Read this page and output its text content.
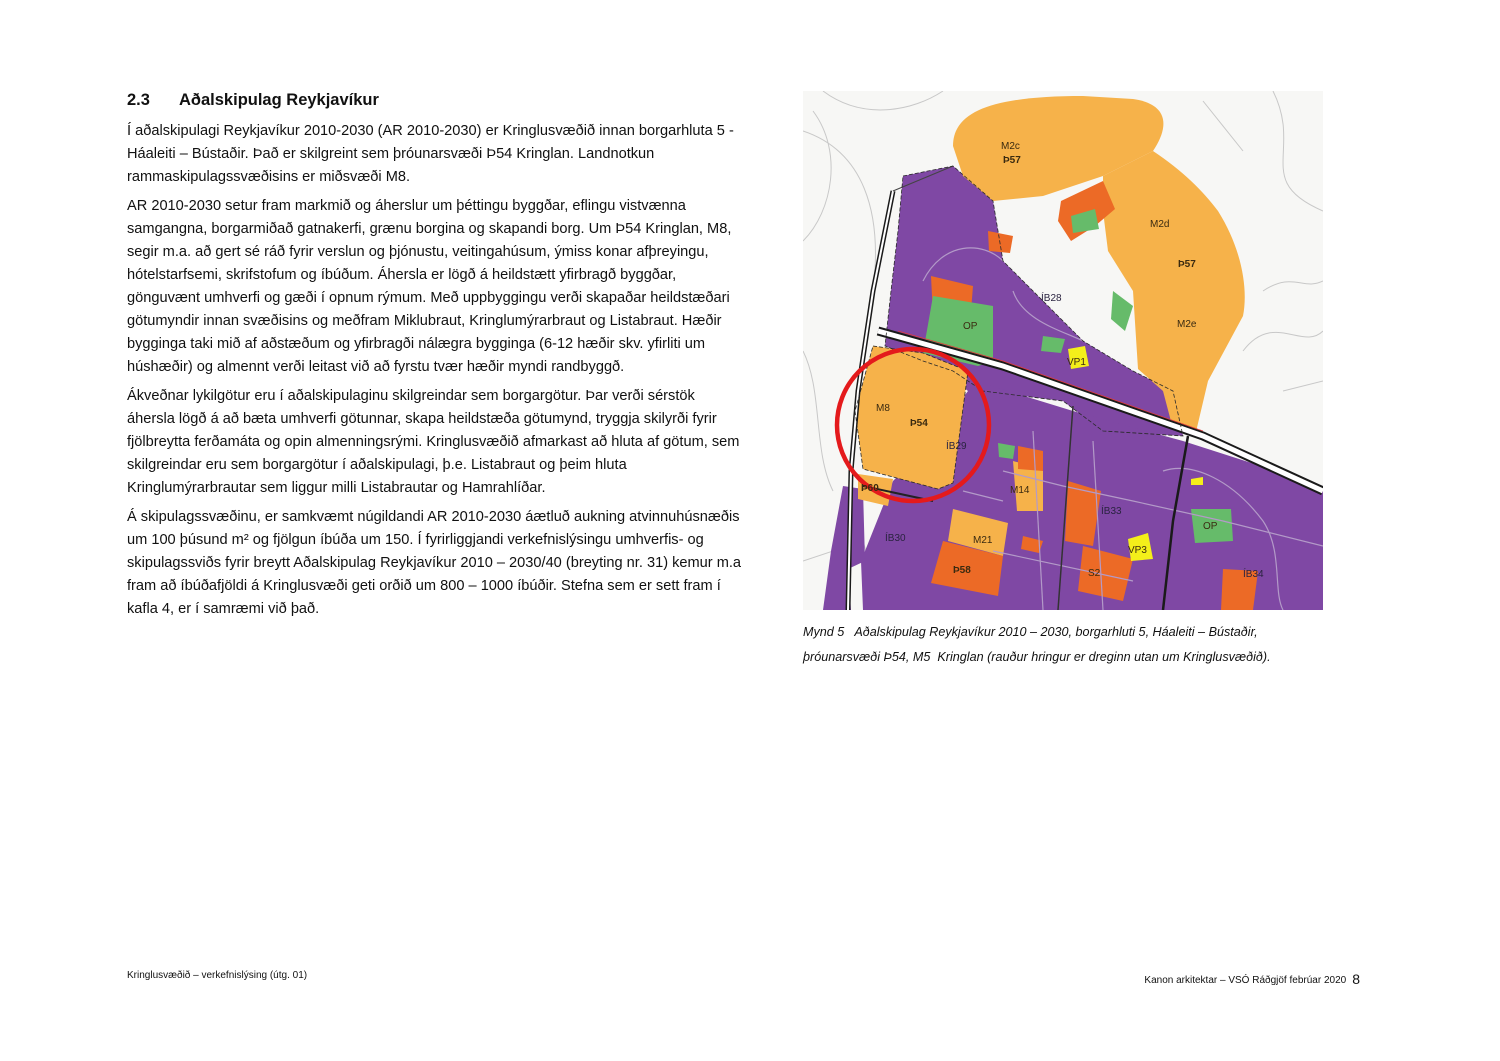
2.3 Aðalskipulag Reykjavíkur

Í aðalskipulagi Reykjavíkur 2010-2030 (AR 2010-2030) er Kringlusvæðið innan borgarhluta 5 - Háaleiti – Bústaðir. Það er skilgreint sem þróunarsvæði Þ54 Kringlan. Landnotkun rammaskipulagssvæðisins er miðsvæði M8.

AR 2010-2030 setur fram markmið og áherslur um þéttingu byggðar, eflingu vistvænna samgangna, borgarmiðað gatnakerfi, grænu borgina og skapandi borg. Um Þ54 Kringlan, M8, segir m.a. að gert sé ráð fyrir verslun og þjónustu, veitingahúsum, ýmiss konar afþreyingu, hótelstarfsemi, skrifstofum og íbúðum. Áhersla er lögð á heildstætt yfirbragð byggðar, gönguvænt umhverfi og gæði í opnum rýmum. Með uppbyggingu verði skapaðar heildstæðari götumyndir innan svæðisins og meðfram Miklubraut, Kringlumýrarbraut og Listabraut. Hæðir bygginga taki mið af aðstæðum og yfirbragði nálægra bygginga (6-12 hæðir skv. yfirliti um húshæðir) og almennt verði leitast við að fyrstu tvær hæðir myndi randbyggð.

Ákveðnar lykilgötur eru í aðalskipulaginu skilgreindar sem borgargötur. Þar verði sérstök áhersla lögð á að bæta umhverfi götunnar, skapa heildstæða götumynd, tryggja skilyrði fyrir fjölbreytta ferðamáta og opin almenningsrými. Kringlusvæðið afmarkast að hluta af götum, sem skilgreindar eru sem borgargötur í aðalskipulagi, þ.e. Listabraut og þeim hluta Kringlumýrarbrautar sem liggur milli Listabrautar og Hamrahlíðar.

Á skipulagssvæðinu, er samkvæmt núgildandi AR 2010-2030 áætluð aukning atvinnuhúsnæðis um 100 þúsund m² og fjölgun íbúða um 150. Í fyrirliggjandi verkefnislýsingu umhverfis- og skipulagssviðs fyrir breytt Aðalskipulag Reykjavíkur 2010 – 2030/40 (breyting nr. 31) kemur m.a fram að íbúðafjöldi á Kringlusvæði geti orðið um 800 – 1000 íbúðir. Stefna sem er sett fram í kafla 4, er í samræmi við það.

M2c
Þ57
M2d
Þ57
M2e
ÍB28
OP
VP1
M8
Þ54
ÍB29
M14
Þ60
ÍB33
ÍB30	M21
Þ58	S2
VP3
OP
ÍB34
Mynd 5   Aðalskipulag Reykjavíkur 2010 – 2030, borgarhluti 5, Háaleiti – Bústaðir,
þróunarsvæði Þ54, M5  Kringlan (rauður hringur er dreginn utan um Kringlusvæðið).
Kringlusvæðið – verkefnislýsing (útg. 01)	Kanon arkitektar – VSÓ Ráðgjöf febrúar 2020 8
